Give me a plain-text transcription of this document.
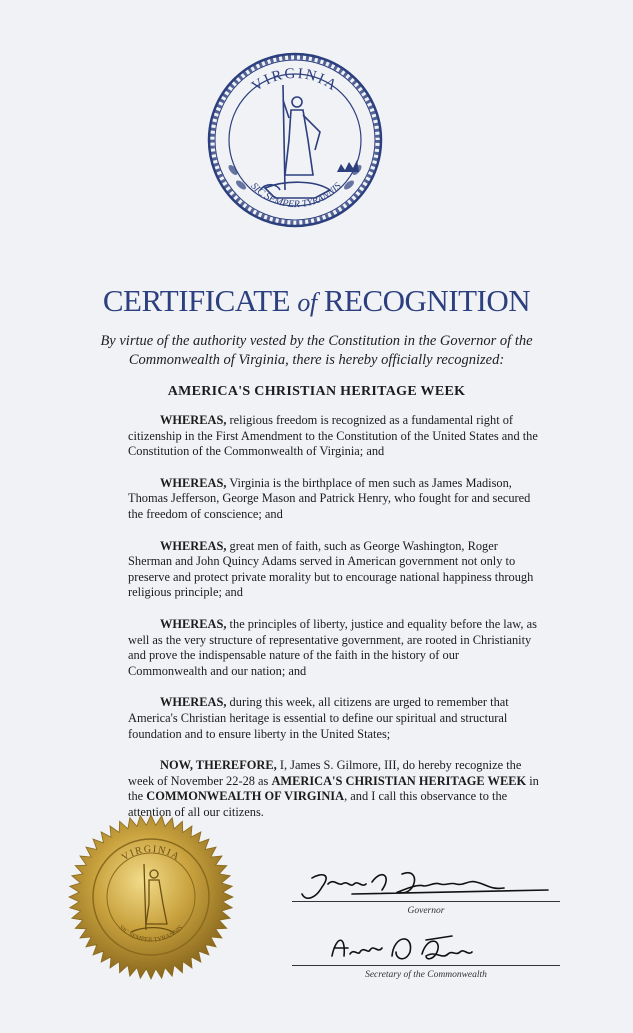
VIRGINIA
SIC SEMPER TYRANNIS
CERTIFICATE of RECOGNITION
By virtue of the authority vested by the Constitution in the Governor of the
Commonwealth of Virginia, there is hereby officially recognized:
AMERICA'S CHRISTIAN HERITAGE WEEK

WHEREAS, religious freedom is recognized as a fundamental right of citizenship in the First Amendment to the Constitution of the United States and the Constitution of the Commonwealth of Virginia; and

WHEREAS, Virginia is the birthplace of men such as James Madison, Thomas Jefferson, George Mason and Patrick Henry, who fought for and secured the freedom of conscience; and

WHEREAS, great men of faith, such as George Washington, Roger Sherman and John Quincy Adams served in American government not only to preserve and protect private morality but to encourage national happiness through religious principle; and

WHEREAS, the principles of liberty, justice and equality before the law, as well as the very structure of representative government, are rooted in Christianity and prove the indispensable nature of the faith in the history of our Commonwealth and our nation; and

WHEREAS, during this week, all citizens are urged to remember that America's Christian heritage is essential to define our spiritual and structural foundation and to ensure liberty in the United States;

NOW, THEREFORE, I, James S. Gilmore, III, do hereby recognize the week of November 22-28 as AMERICA'S CHRISTIAN HERITAGE WEEK in the COMMONWEALTH OF VIRGINIA, and I call this observance to the attention of all our citizens.

VIRGINIA
SIC SEMPER TYRANNIS
Governor
Secretary of the Commonwealth
